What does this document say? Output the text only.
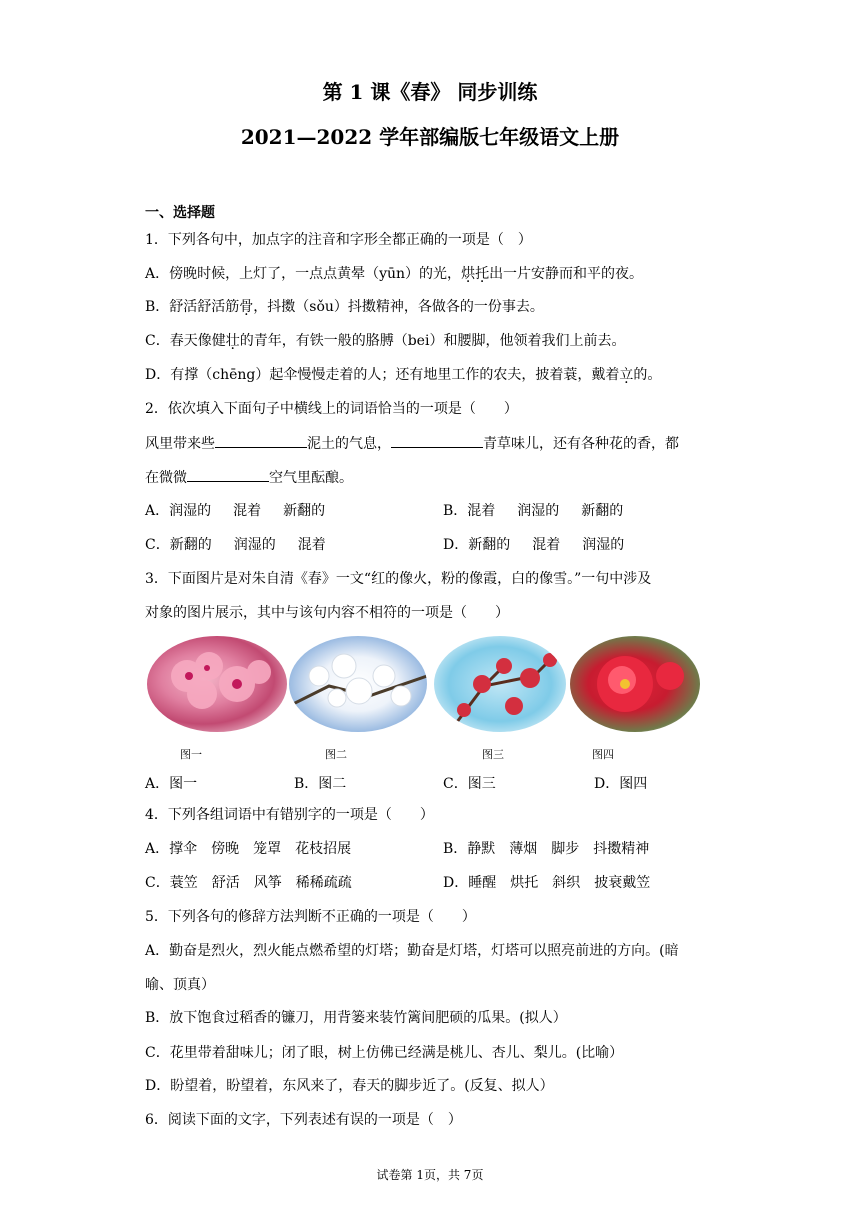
第 1 课《春》 同步训练
2021—2022 学年部编版七年级语文上册
一、选择题
1．下列各句中，加点字的注音和字形全都正确的一项是（　）
A．傍晚时候，上灯了，一点点黄晕（yūn）的光，烘托出一片安静而和平的夜。
B．舒活舒活筋骨，抖擞（sǒu）抖擞精神，各做各的一份事去。
C．春天像健壮的青年，有铁一般的胳膊（bei）和腰脚，他领着我们上前去。
D．有撑（chēng）起伞慢慢走着的人；还有地里工作的农夫，披着蓑，戴着立的。
2．依次填入下面句子中横线上的词语恰当的一项是（　　）
风里带来些	泥土的气息，	青草味儿，还有各种花的香，都
在微微	空气里酝酿。
A．润湿的 混着 新翻的	B．混着 润湿的 新翻的
C．新翻的 润湿的 混着	D．新翻的 混着 润湿的
3．下面图片是对朱自清《春》一文“红的像火，粉的像霞，白的像雪。”一句中涉及
对象的图片展示，其中与该句内容不相符的一项是（　　）
图一	图二	图三	图四
A．图一	B．图二	C．图三	D．图四
4．下列各组词语中有错别字的一项是（　　）
A．撑伞　傍晚　笼罩　花枝招展	B．静默　薄烟　脚步　抖擞精神
C．蓑笠　舒活　风筝　稀稀疏疏	D．睡醒　烘托　斜织　披衰戴笠
5．下列各句的修辞方法判断不正确的一项是（　　）
A．勤奋是烈火，烈火能点燃希望的灯塔；勤奋是灯塔，灯塔可以照亮前进的方向。(暗
喻、顶真）
B．放下饱食过稻香的镰刀，用背篓来装竹篱间肥硕的瓜果。(拟人）
C．花里带着甜味儿；闭了眼，树上仿佛已经满是桃儿、杏儿、梨儿。(比喻）
D．盼望着，盼望着，东风来了，春天的脚步近了。(反复、拟人）
6．阅读下面的文字，下列表述有误的一项是（　）
试卷第 1页，共 7页
